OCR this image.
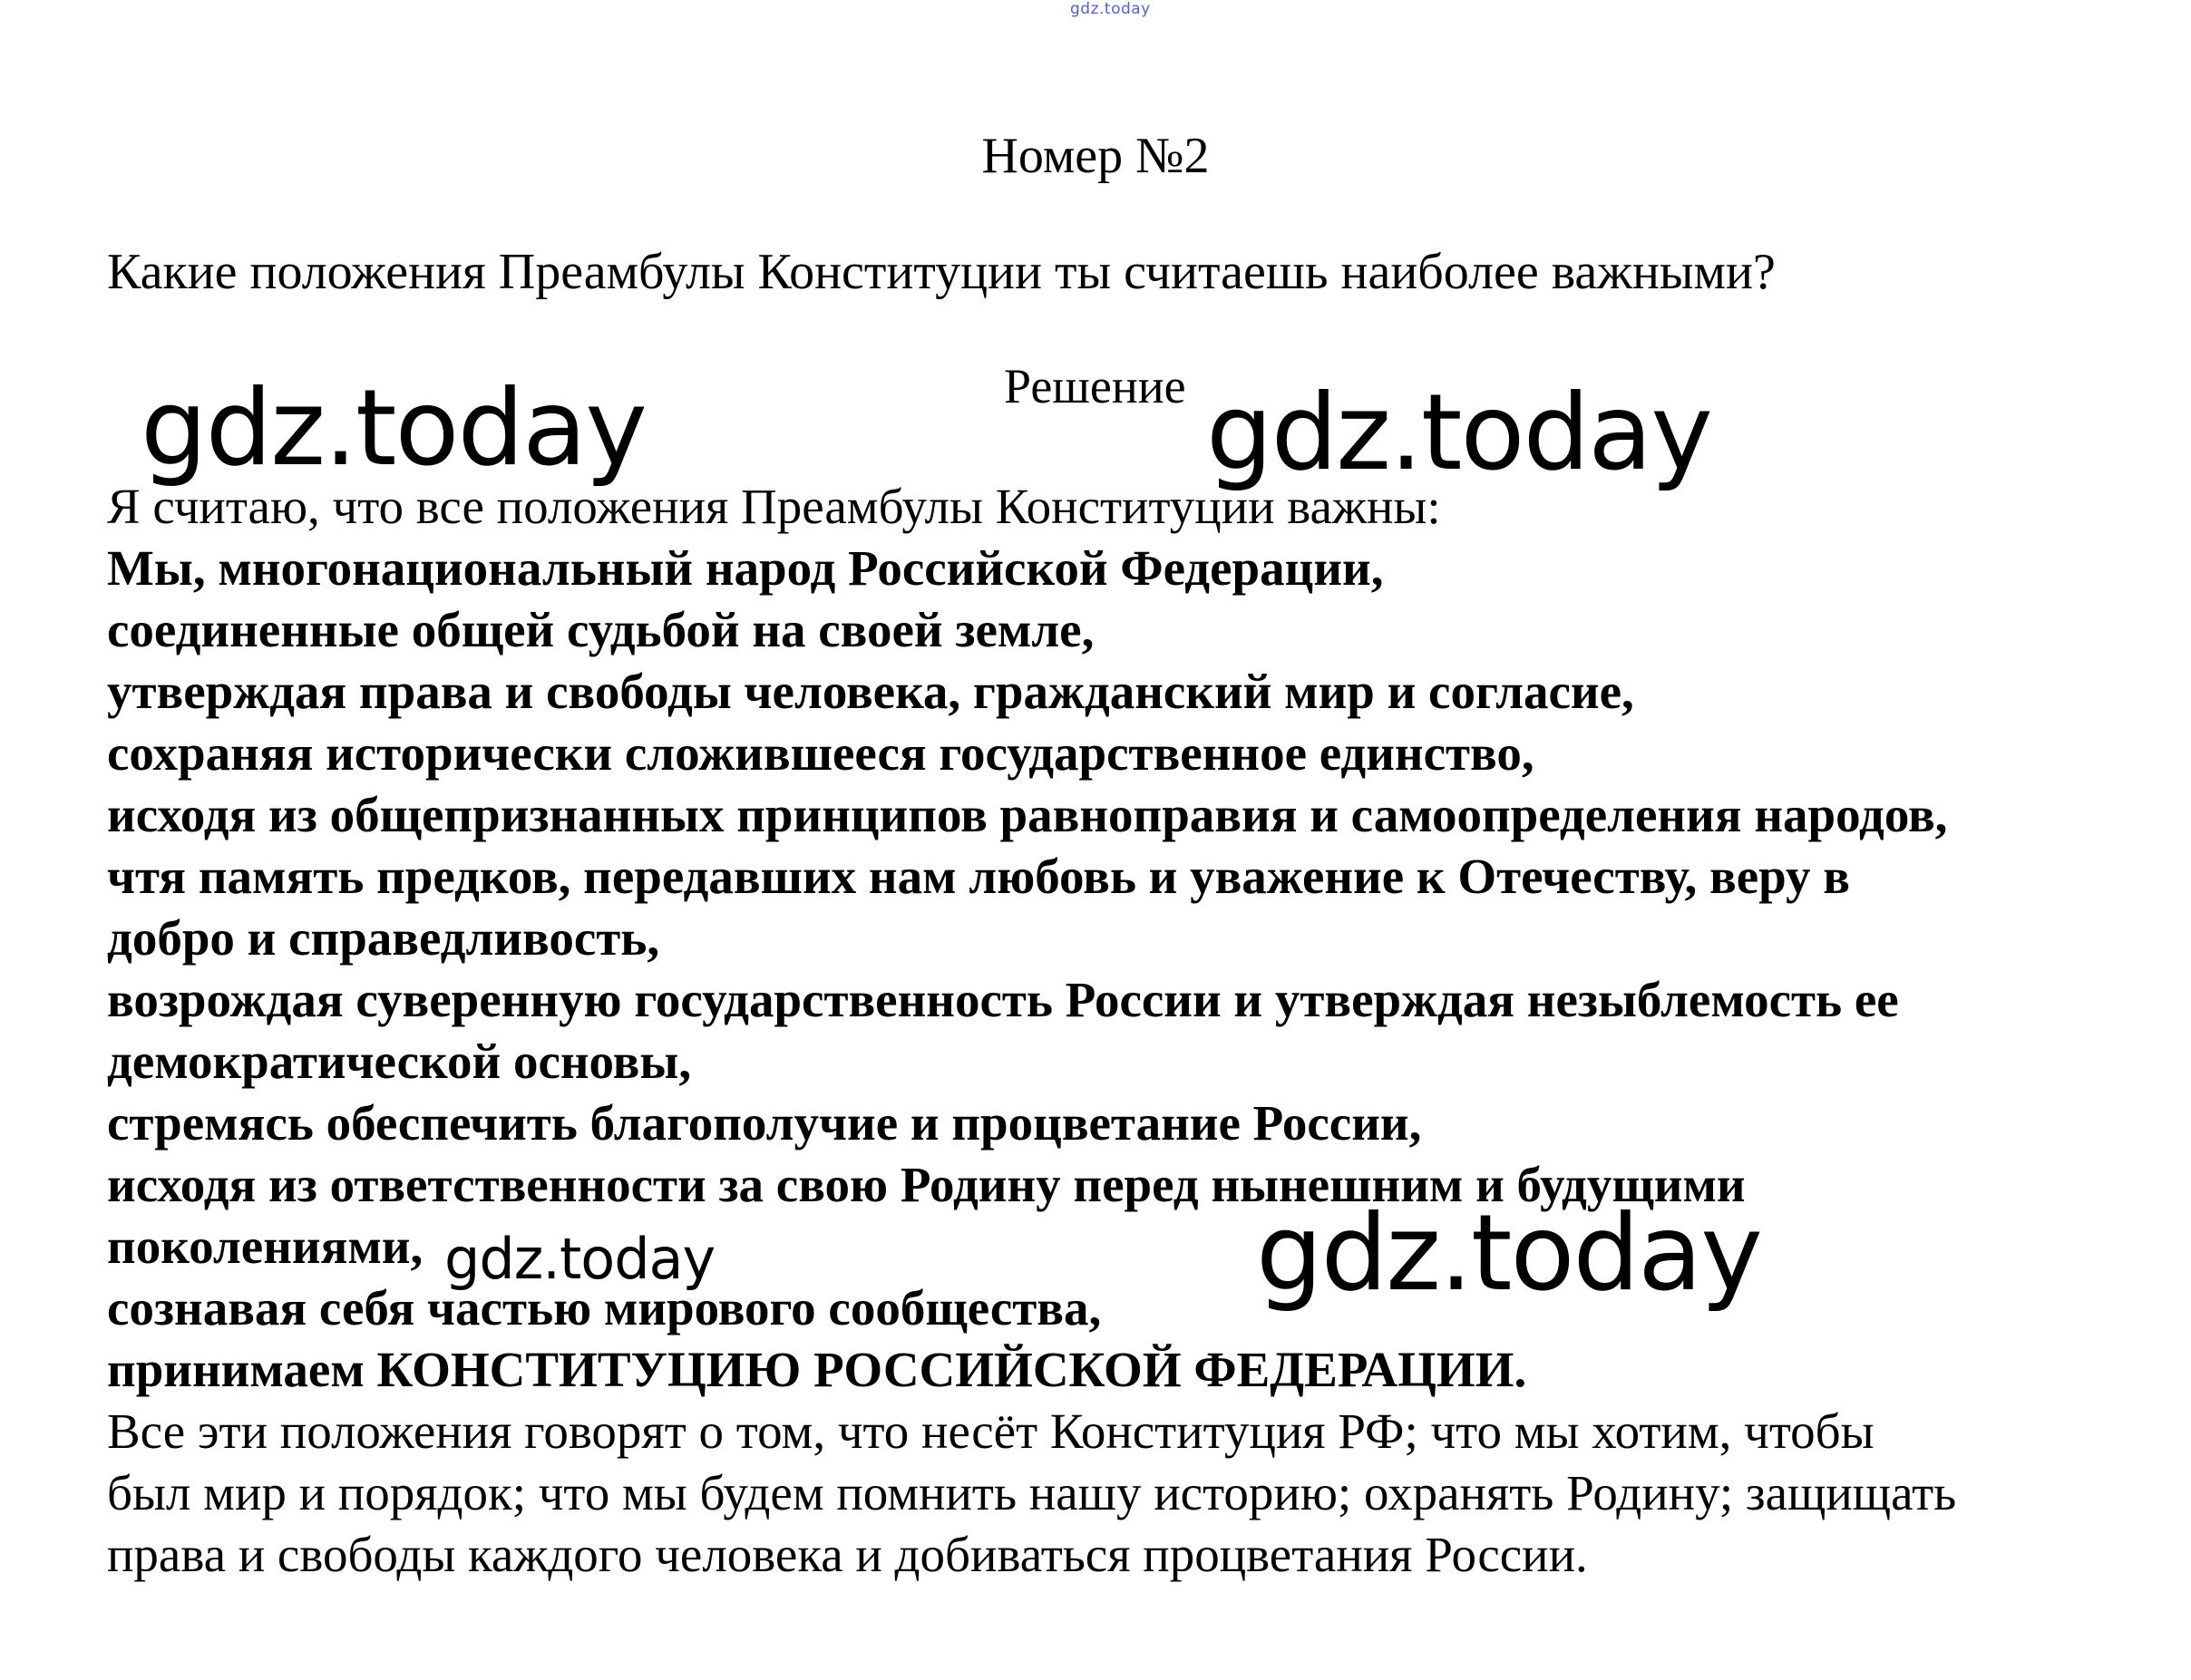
gdz.today
Номер №2
Какие положения Преамбулы Конституции ты считаешь наиболее важными?
Решение

Я считаю, что все положения Преамбулы Конституции важны:

Мы, многонациональный народ Российской Федерации,

соединенные общей судьбой на своей земле,

утверждая права и свободы человека, гражданский мир и согласие,

сохраняя исторически сложившееся государственное единство,

исходя из общепризнанных принципов равноправия и самоопределения народов,

чтя память предков, передавших нам любовь и уважение к Отечеству, веру в

добро и справедливость,

возрождая суверенную государственность России и утверждая незыблемость ее

демократической основы,

стремясь обеспечить благополучие и процветание России,

исходя из ответственности за свою Родину перед нынешним и будущими

поколениями,

сознавая себя частью мирового сообщества,

принимаем КОНСТИТУЦИЮ РОССИЙСКОЙ ФЕДЕРАЦИИ.

Все эти положения говорят о том, что несёт Конституция РФ; что мы хотим, чтобы

был мир и порядок; что мы будем помнить нашу историю; охранять Родину; защищать

права и свободы каждого человека и добиваться процветания России.

gdz.today	gdz.today
gdz.today	gdz.today
